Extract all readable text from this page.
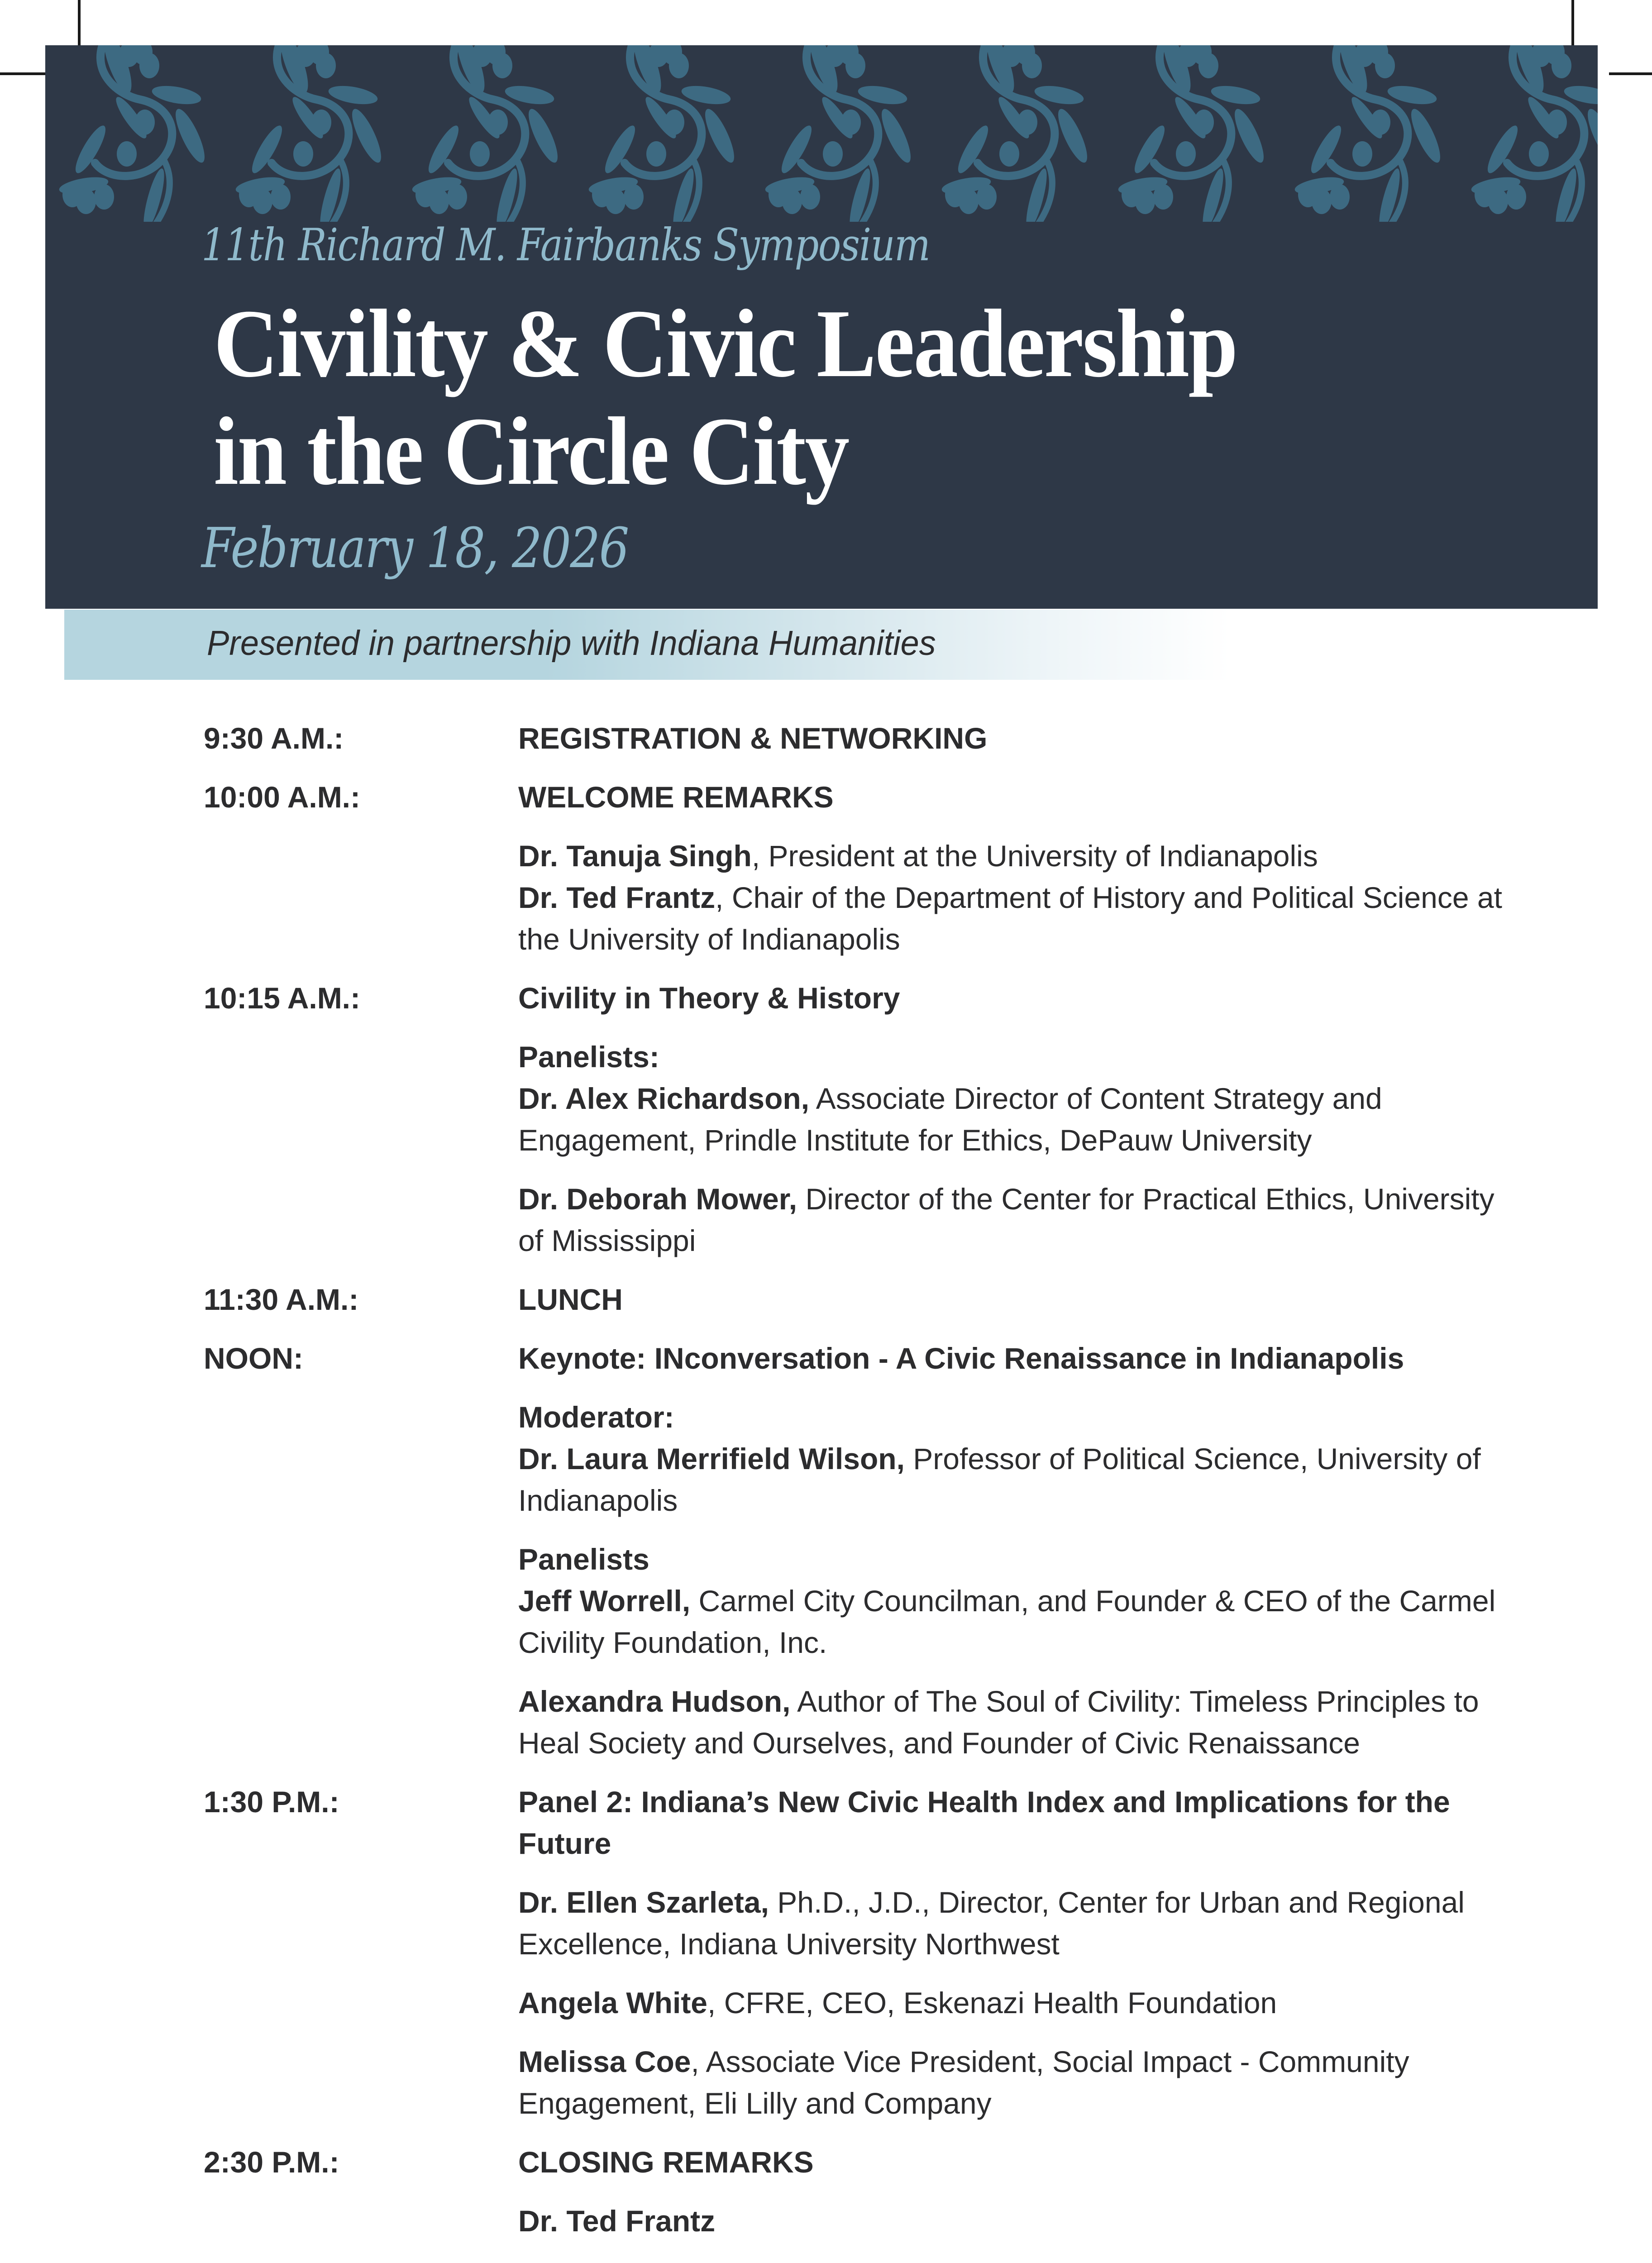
11th Richard M. Fairbanks Symposium
Civility & Civic Leadership
in the Circle City
February 18, 2026
Presented in partnership with Indiana Humanities
9:30 A.M.:	REGISTRATION & NETWORKING
10:00 A.M.:	WELCOME REMARKS
Dr. Tanuja Singh, President at the University of Indianapolis
Dr. Ted Frantz, Chair of the Department of History and Political Science at the University of Indianapolis
10:15 A.M.:	Civility in Theory & History
Panelists:
Dr. Alex Richardson, Associate Director of Content Strategy and Engagement, Prindle Institute for Ethics, DePauw University
Dr. Deborah Mower, Director of the Center for Practical Ethics, University of Mississippi
11:30 A.M.:	LUNCH
NOON:	Keynote: INconversation - A Civic Renaissance in Indianapolis
Moderator:
Dr. Laura Merrifield Wilson, Professor of Political Science, University of Indianapolis
Panelists
Jeff Worrell, Carmel City Councilman, and Founder & CEO of the Carmel Civility Foundation, Inc.
Alexandra Hudson, Author of The Soul of Civility: Timeless Principles to Heal Society and Ourselves, and Founder of Civic Renaissance
1:30 P.M.:	Panel 2: Indiana’s New Civic Health Index and Implications for the Future
Dr. Ellen Szarleta, Ph.D., J.D., Director, Center for Urban and Regional Excellence, Indiana University Northwest
Angela White, CFRE, CEO, Eskenazi Health Foundation
Melissa Coe, Associate Vice President, Social Impact - Community Engagement, Eli Lilly and Company
2:30 P.M.:	CLOSING REMARKS
Dr. Ted Frantz
